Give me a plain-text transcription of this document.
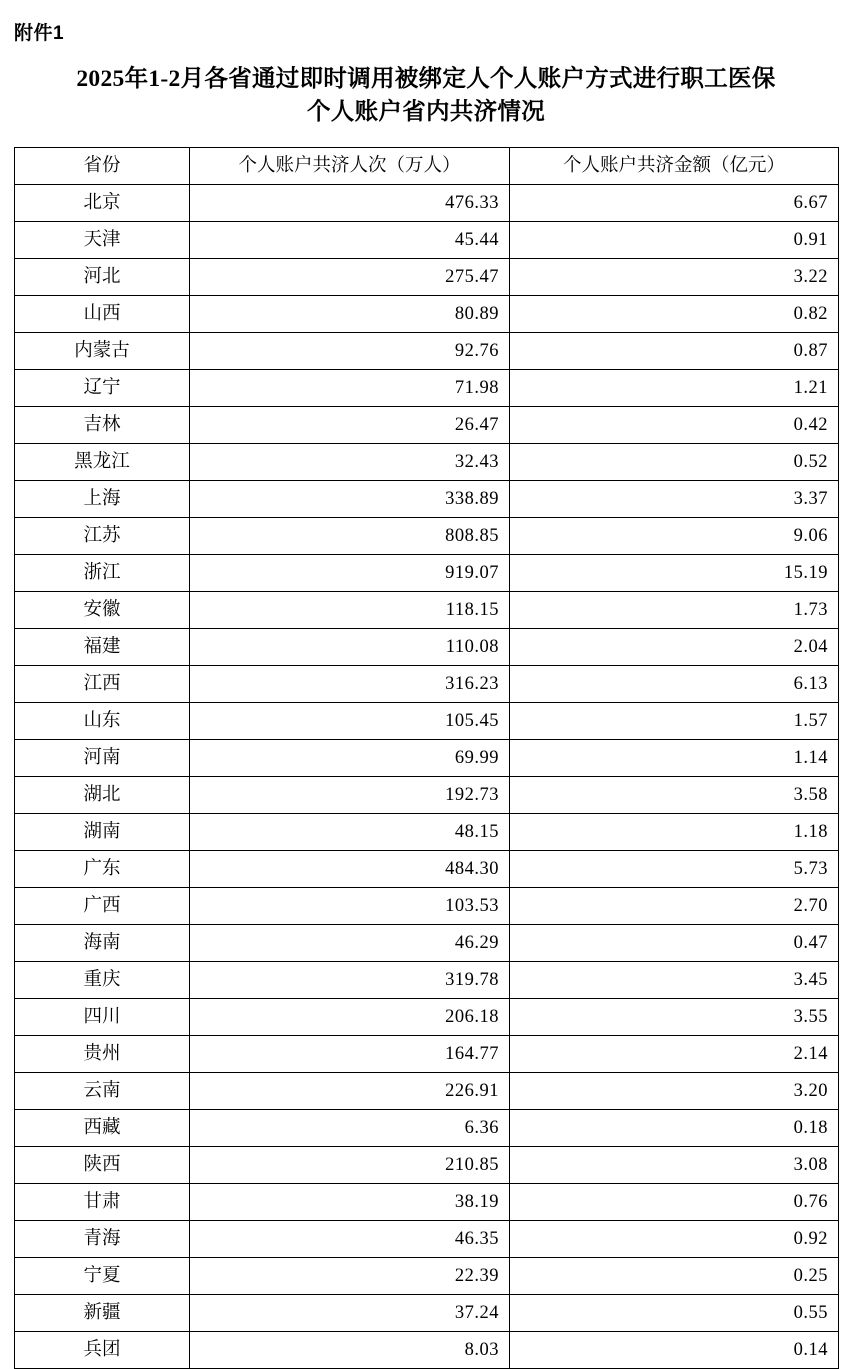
附件1
2025年1-2月各省通过即时调用被绑定人个人账户方式进行职工医保个人账户省内共济情况
省份	个人账户共济人次（万人）	个人账户共济金额（亿元）
北京	476.33	6.67
天津	45.44	0.91
河北	275.47	3.22
山西	80.89	0.82
内蒙古	92.76	0.87
辽宁	71.98	1.21
吉林	26.47	0.42
黑龙江	32.43	0.52
上海	338.89	3.37
江苏	808.85	9.06
浙江	919.07	15.19
安徽	118.15	1.73
福建	110.08	2.04
江西	316.23	6.13
山东	105.45	1.57
河南	69.99	1.14
湖北	192.73	3.58
湖南	48.15	1.18
广东	484.30	5.73
广西	103.53	2.70
海南	46.29	0.47
重庆	319.78	3.45
四川	206.18	3.55
贵州	164.77	2.14
云南	226.91	3.20
西藏	6.36	0.18
陕西	210.85	3.08
甘肃	38.19	0.76
青海	46.35	0.92
宁夏	22.39	0.25
新疆	37.24	0.55
兵团	8.03	0.14
